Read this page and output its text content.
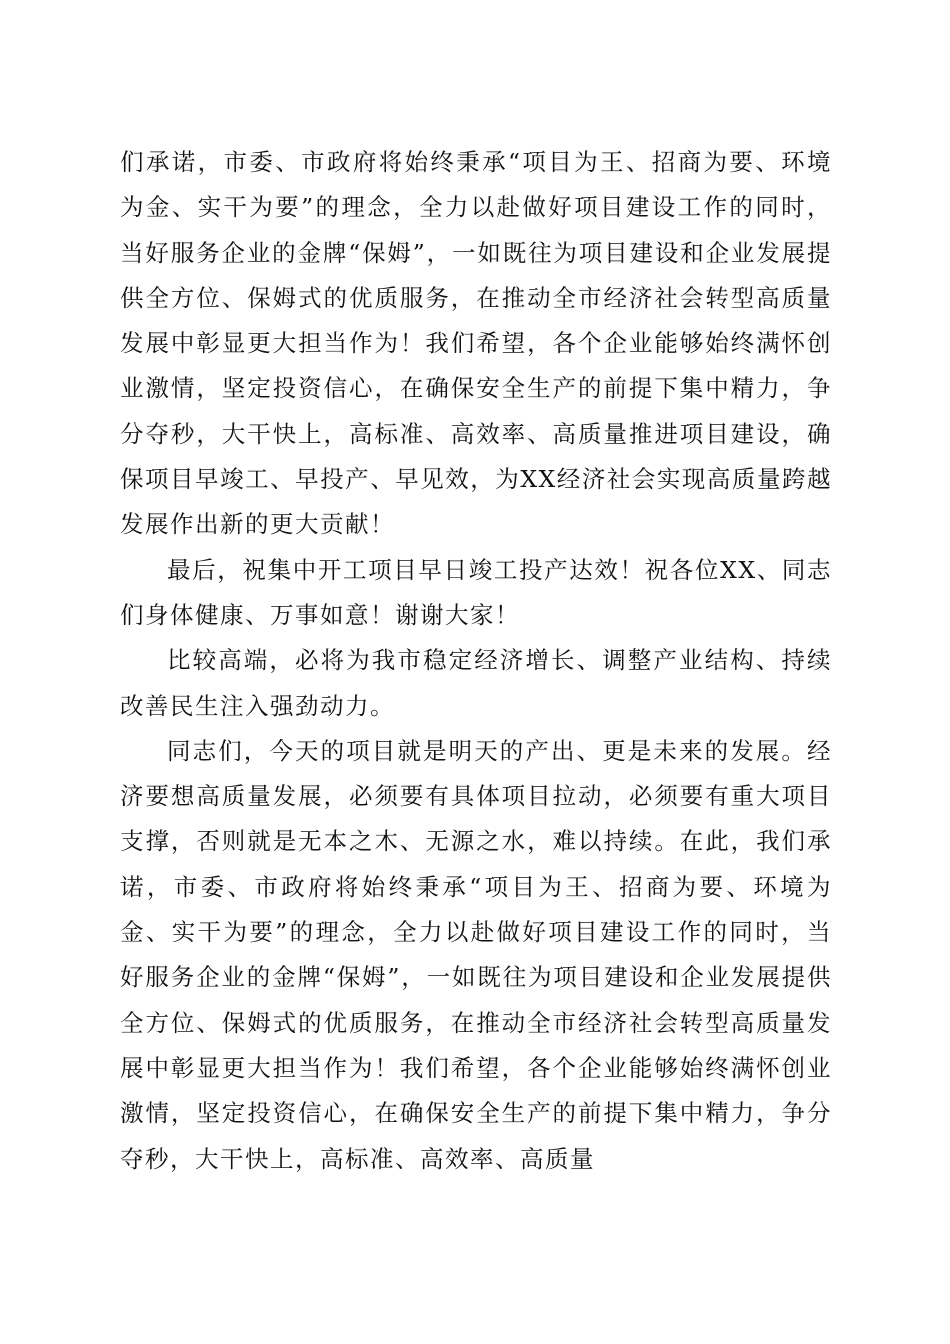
们承诺，市委、市政府将始终秉承“项目为王、招商为要、环境为金、实干为要”的理念，全力以赴做好项目建设工作的同时，当好服务企业的金牌“保姆”，一如既往为项目建设和企业发展提供全方位、保姆式的优质服务，在推动全市经济社会转型高质量发展中彰显更大担当作为！我们希望，各个企业能够始终满怀创业激情，坚定投资信心，在确保安全生产的前提下集中精力，争分夺秒，大干快上，高标准、高效率、高质量推进项目建设，确保项目早竣工、早投产、早见效，为XX经济社会实现高质量跨越发展作出新的更大贡献！

最后，祝集中开工项目早日竣工投产达效！祝各位XX、同志们身体健康、万事如意！谢谢大家！

比较高端，必将为我市稳定经济增长、调整产业结构、持续改善民生注入强劲动力。

同志们，今天的项目就是明天的产出、更是未来的发展。经济要想高质量发展，必须要有具体项目拉动，必须要有重大项目支撑，否则就是无本之木、无源之水，难以持续。在此，我们承诺，市委、市政府将始终秉承“项目为王、招商为要、环境为金、实干为要”的理念，全力以赴做好项目建设工作的同时，当好服务企业的金牌“保姆”，一如既往为项目建设和企业发展提供全方位、保姆式的优质服务，在推动全市经济社会转型高质量发展中彰显更大担当作为！我们希望，各个企业能够始终满怀创业激情，坚定投资信心，在确保安全生产的前提下集中精力，争分夺秒，大干快上，高标准、高效率、高质量
